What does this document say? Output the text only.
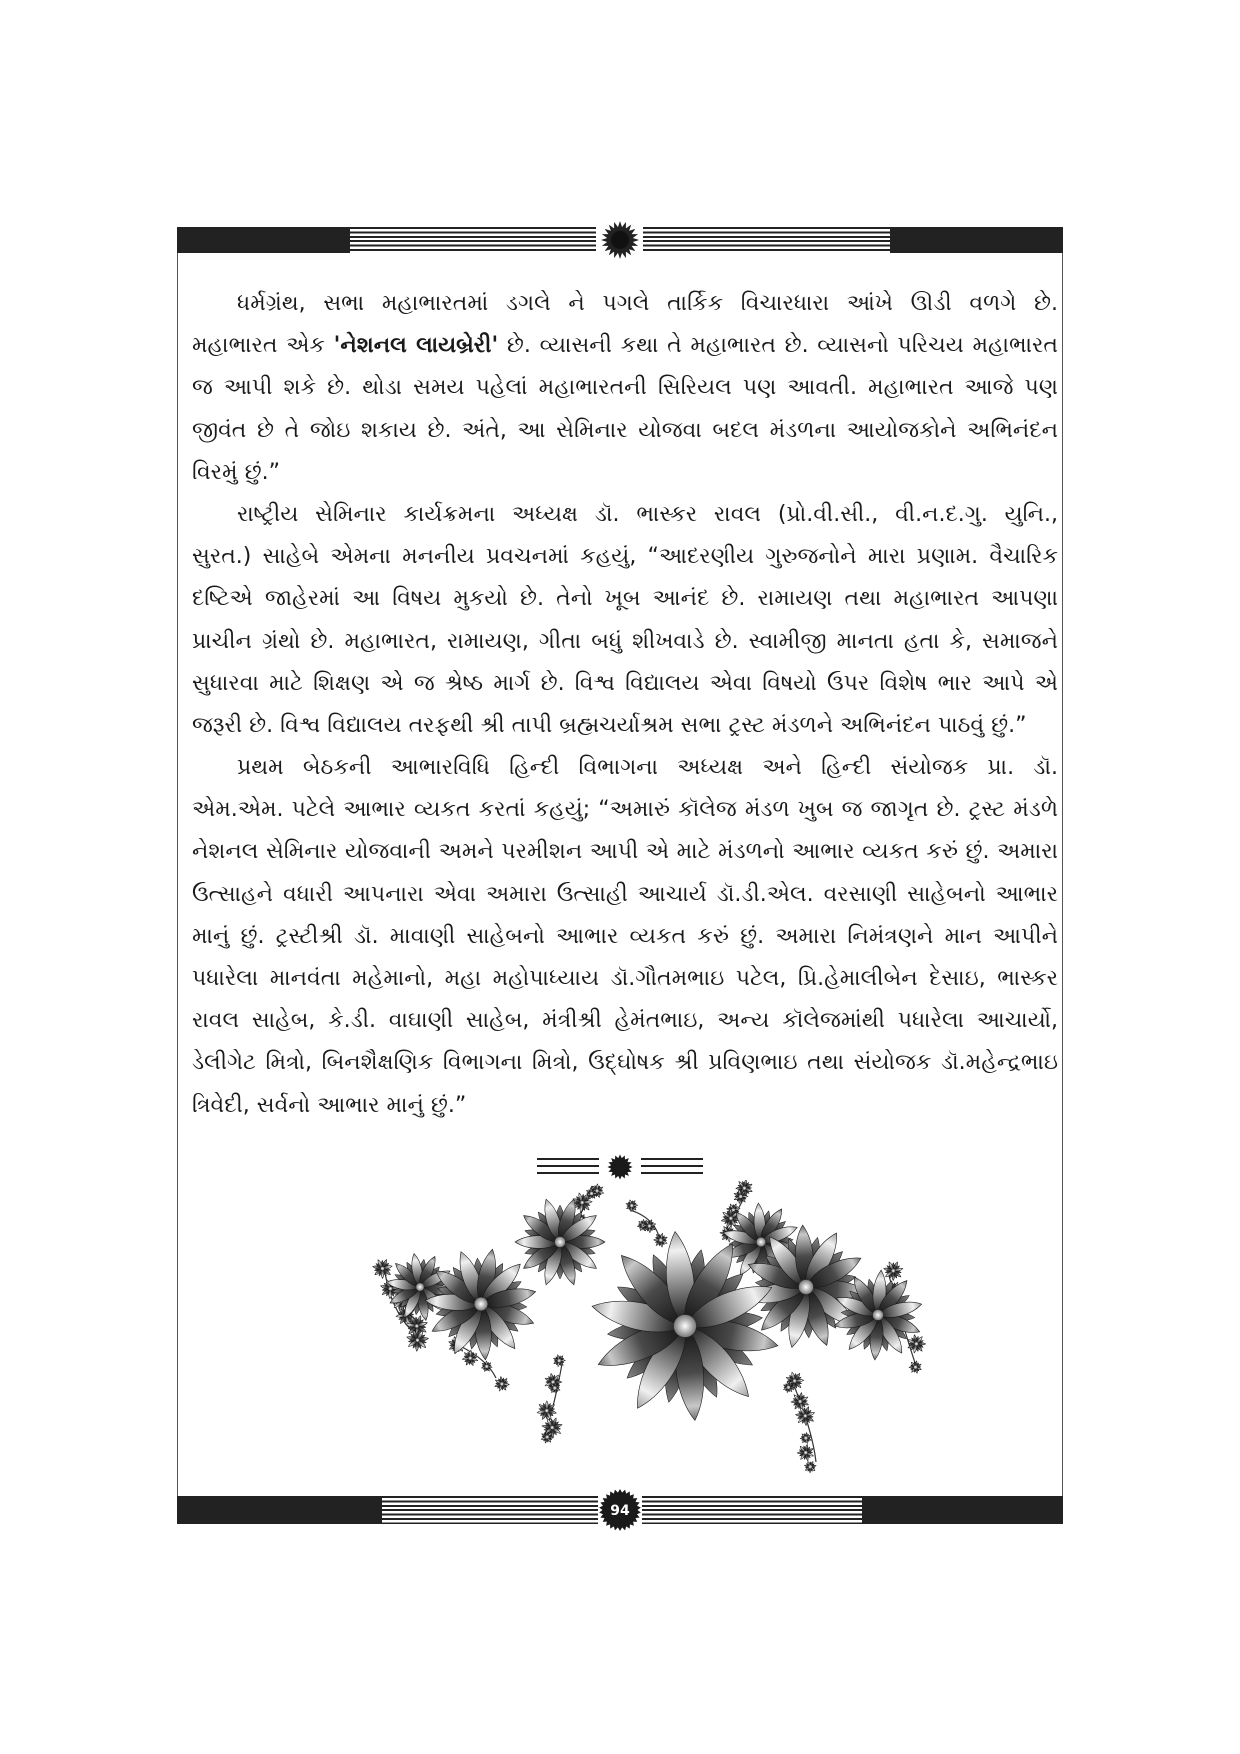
ધર્મગ્રંથ, સભા મહાભારતમાં ડગલે ને પગલે તાર્કિક વિચારધારા આંખે ઊડી વળગે છે.
મહાભારત એક 'નેશનલ લાયબ્રેરી' છે. વ્યાસની કથા તે મહાભારત છે. વ્યાસનો પરિચય મહાભારત
જ આપી શકે છે. થોડા સમય પહેલાં મહાભારતની સિરિયલ પણ આવતી. મહાભારત આજે પણ
જીવંત છે તે જોઇ શકાય છે. અંતે, આ સેમિનાર યોજવા બદલ મંડળના આયોજકોને અભિનંદન
વિરમું છું.”
રાષ્ટ્રીય સેમિનાર કાર્યક્રમના અધ્યક્ષ ડૉ. ભાસ્કર રાવલ (પ્રો.વી.સી., વી.ન.દ.ગુ. યુનિ.,
સુરત.) સાહેબે એમના મનનીય પ્રવચનમાં કહયું, “આદરણીય ગુરુજનોને મારા પ્રણામ. વૈચારિક
દષ્ટિએ જાહેરમાં આ વિષય મુકયો છે. તેનો ખૂબ આનંદ છે. રામાયણ તથા મહાભારત આપણા
પ્રાચીન ગ્રંથો છે. મહાભારત, રામાયણ, ગીતા બધું શીખવાડે છે. સ્વામીજી માનતા હતા કે, સમાજને
સુધારવા માટે શિક્ષણ એ જ શ્રેષ્ઠ માર્ગ છે. વિશ્વ વિદ્યાલય એવા વિષયો ઉપર વિશેષ ભાર આપે એ
જરૂરી છે. વિશ્વ વિદ્યાલય તરફથી શ્રી તાપી બ્રહ્મચર્યાશ્રમ સભા ટ્રસ્ટ મંડળને અભિનંદન પાઠવું છું.”
પ્રથમ બેઠકની આભારવિધિ હિન્દી વિભાગના અધ્યક્ષ અને હિન્દી સંયોજક પ્રા. ડૉ.
એમ.એમ. પટેલે આભાર વ્યકત કરતાં કહયું; “અમારું કૉલેજ મંડળ ખુબ જ જાગૃત છે. ટ્રસ્ટ મંડળે
નેશનલ સેમિનાર યોજવાની અમને પરમીશન આપી એ માટે મંડળનો આભાર વ્યકત કરું છું. અમારા
ઉત્સાહને વધારી આપનારા એવા અમારા ઉત્સાહી આચાર્ય ડૉ.ડી.એલ. વરસાણી સાહેબનો આભાર
માનું છું. ટ્રસ્ટીશ્રી ડૉ. માવાણી સાહેબનો આભાર વ્યકત કરું છું. અમારા નિમંત્રણને માન આપીને
પધારેલા માનવંતા મહેમાનો, મહા મહોપાધ્યાય ડૉ.ગૌતમભાઇ પટેલ, પ્રિ.હેમાલીબેન દેસાઇ, ભાસ્કર
રાવલ સાહેબ, કે.ડી. વાઘાણી સાહેબ, મંત્રીશ્રી હેમંતભાઇ, અન્ય કૉલેજમાંથી પધારેલા આચાર્યો,
ડેલીગેટ મિત્રો, બિનશૈક્ષણિક વિભાગના મિત્રો, ઉદ્ઘોષક શ્રી પ્રવિણભાઇ તથા સંયોજક ડૉ.મહેન્દ્રભાઇ
ત્રિવેદી, સર્વનો આભાર માનું છું.”
94
